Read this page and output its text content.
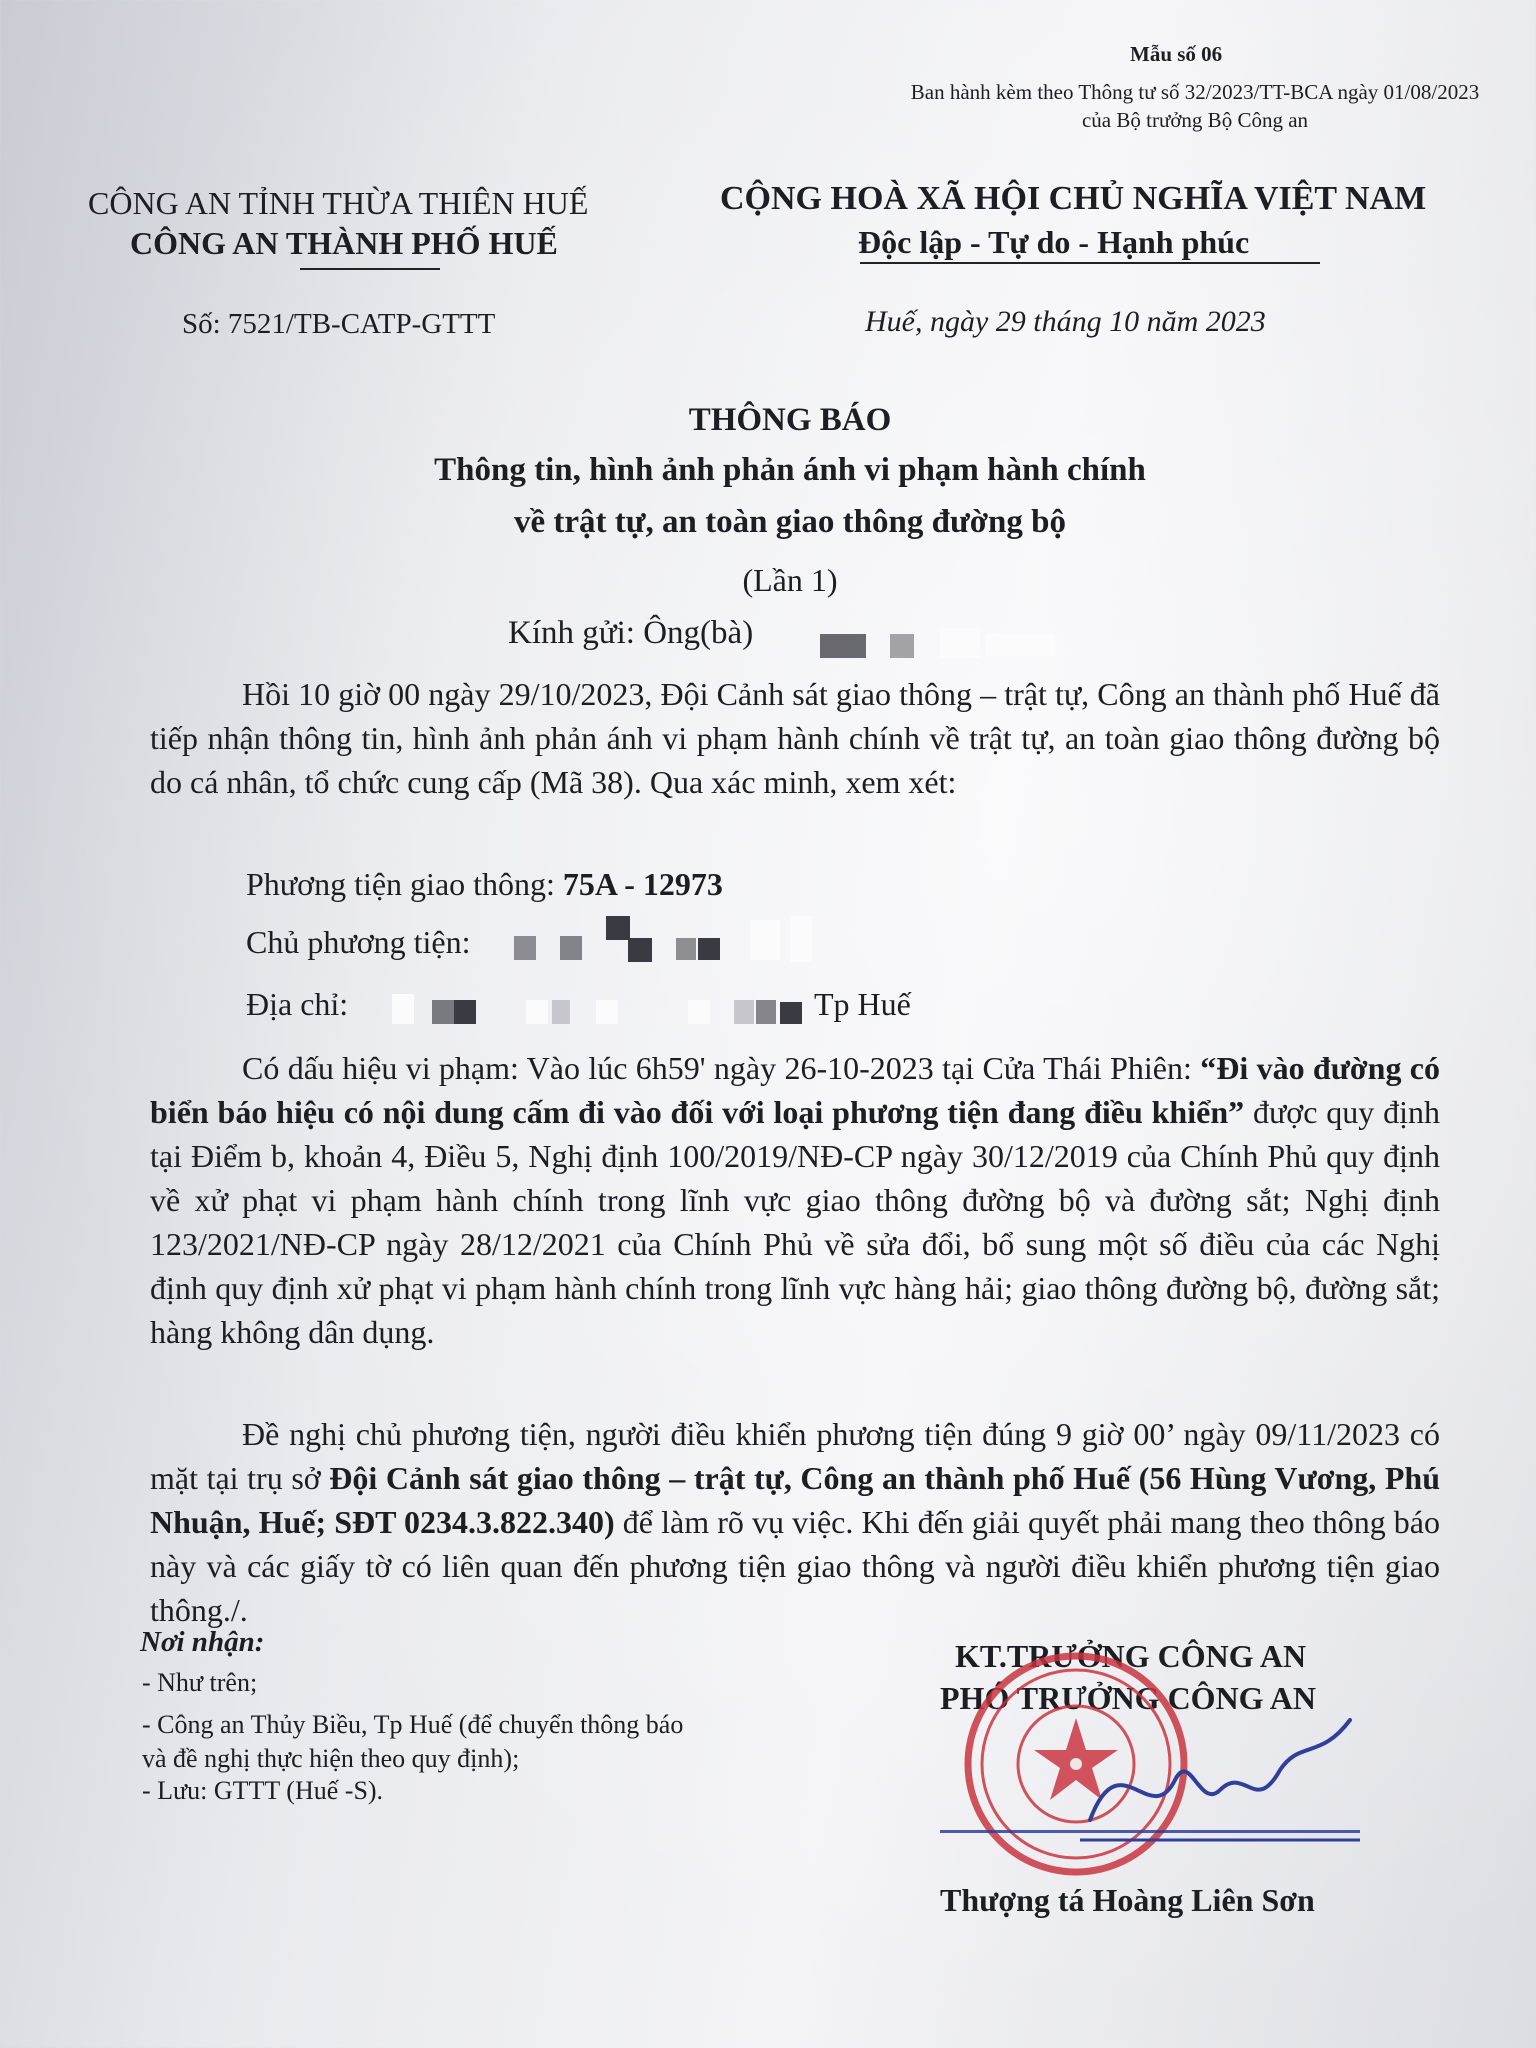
Mẫu số 06
Ban hành kèm theo Thông tư số 32/2023/TT-BCA ngày 01/08/2023 của Bộ trưởng Bộ Công an
CÔNG AN TỈNH THỪA THIÊN HUẾ
CÔNG AN THÀNH PHỐ HUẾ
CỘNG HOÀ XÃ HỘI CHỦ NGHĨA VIỆT NAM
Độc lập - Tự do - Hạnh phúc
Số: 7521/TB-CATP-GTTT	Huế, ngày 29 tháng 10 năm 2023
THÔNG BÁO
Thông tin, hình ảnh phản ánh vi phạm hành chính
về trật tự, an toàn giao thông đường bộ
(Lần 1)
Kính gửi: Ông(bà)

Hồi 10 giờ 00 ngày 29/10/2023, Đội Cảnh sát giao thông – trật tự, Công an thành phố Huế đã tiếp nhận thông tin, hình ảnh phản ánh vi phạm hành chính về trật tự, an toàn giao thông đường bộ do cá nhân, tổ chức cung cấp (Mã 38). Qua xác minh, xem xét:

Phương tiện giao thông: 75A - 12973
Chủ phương tiện:
Địa chỉ:	Tp Huế

Có dấu hiệu vi phạm: Vào lúc 6h59' ngày 26-10-2023 tại Cửa Thái Phiên: “Đi vào đường có biển báo hiệu có nội dung cấm đi vào đối với loại phương tiện đang điều khiển” được quy định tại Điểm b, khoản 4, Điều 5, Nghị định 100/2019/NĐ-CP ngày 30/12/2019 của Chính Phủ quy định về xử phạt vi phạm hành chính trong lĩnh vực giao thông đường bộ và đường sắt; Nghị định 123/2021/NĐ-CP ngày 28/12/2021 của Chính Phủ về sửa đổi, bổ sung một số điều của các Nghị định quy định xử phạt vi phạm hành chính trong lĩnh vực hàng hải; giao thông đường bộ, đường sắt; hàng không dân dụng.

Đề nghị chủ phương tiện, người điều khiển phương tiện đúng 9 giờ 00’ ngày 09/11/2023 có mặt tại trụ sở Đội Cảnh sát giao thông – trật tự, Công an thành phố Huế (56 Hùng Vương, Phú Nhuận, Huế; SĐT 0234.3.822.340) để làm rõ vụ việc. Khi đến giải quyết phải mang theo thông báo này và các giấy tờ có liên quan đến phương tiện giao thông và người điều khiển phương tiện giao thông./.

Nơi nhận:
- Như trên;
- Công an Thủy Biều, Tp Huế (để chuyển thông báo
và đề nghị thực hiện theo quy định);
- Lưu: GTTT (Huế -S).
KT.TRƯỞNG CÔNG AN
PHÓ TRƯỞNG CÔNG AN
Thượng tá Hoàng Liên Sơn
